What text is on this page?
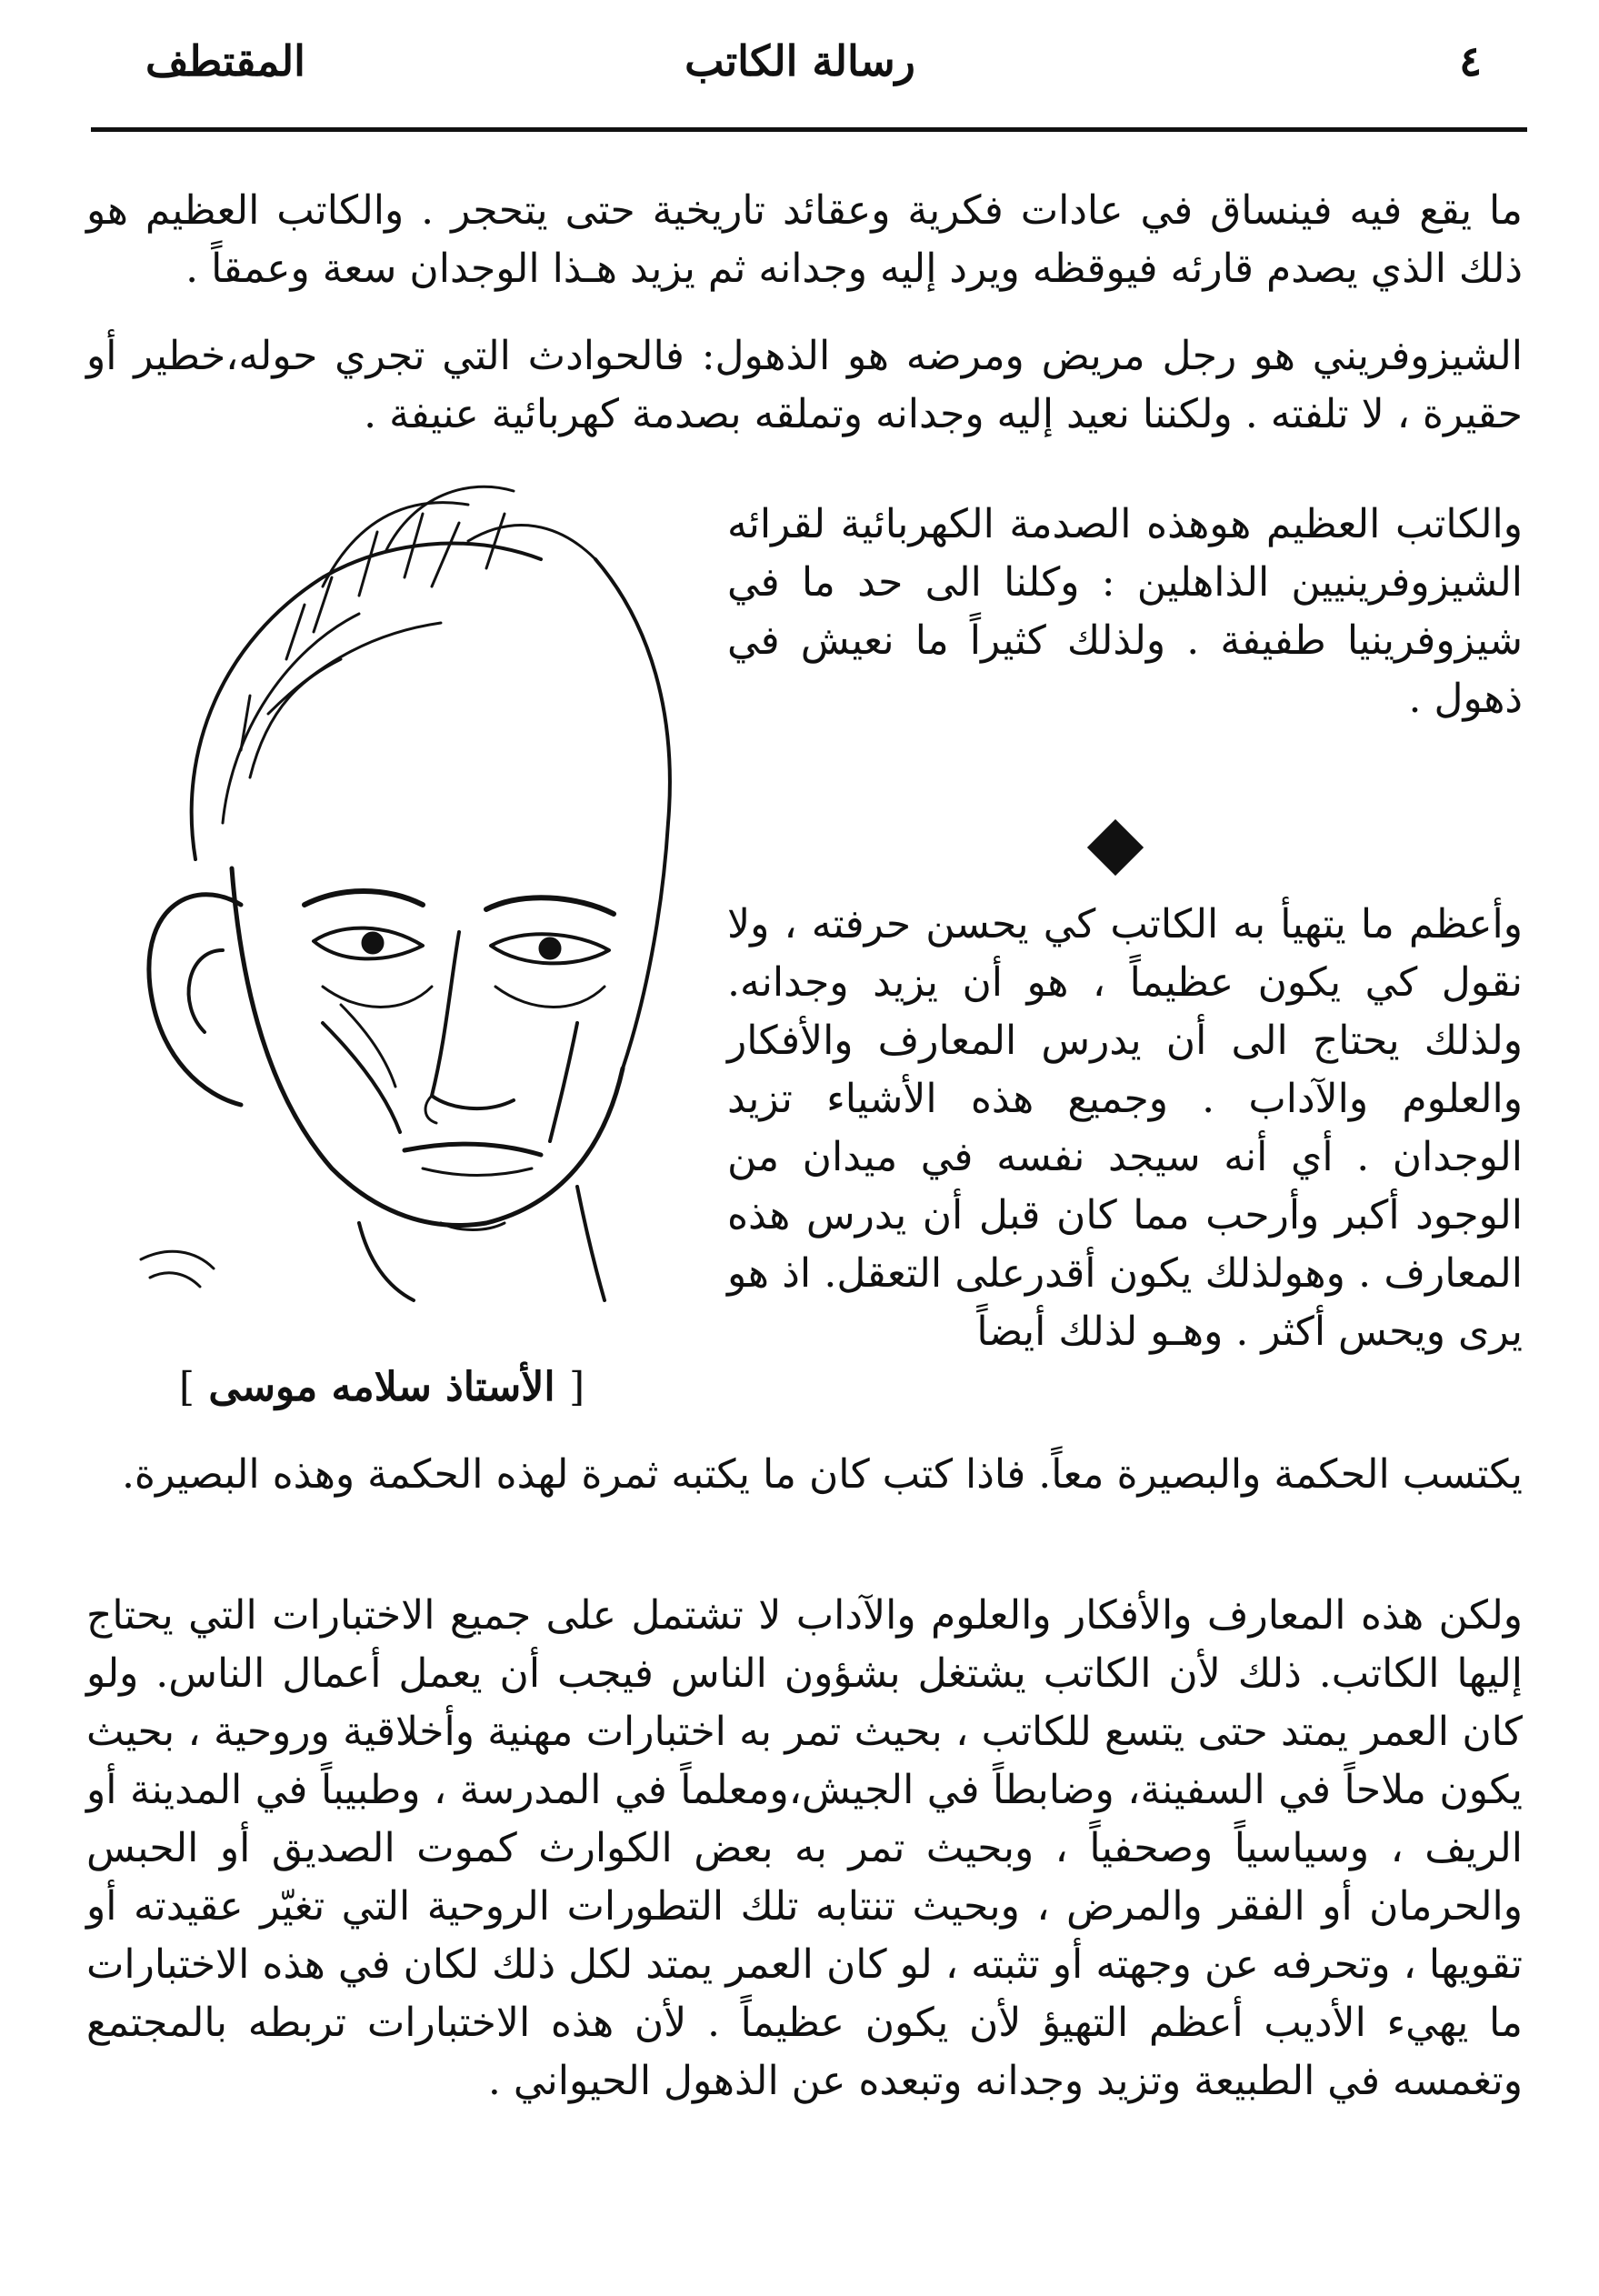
٤
رسالة الكاتب
المقتطف

ما يقع فيه فينساق في عادات فكرية وعقائد تاريخية حتى يتحجر . والكاتب العظيم هو ذلك الذي يصدم قارئه فيوقظه ويرد إليه وجدانه ثم يزيد هـذا الوجدان سعة وعمقاً .

الشيزوفريني هو رجل مريض ومرضه هو الذهول: فالحوادث التي تجري حوله،خطير أو حقيرة ، لا تلفته . ولكننا نعيد إليه وجدانه وتملقه بصدمة كهربائية عنيفة .

والكاتب العظيم هوهذه الصدمة الكهربائية لقرائه الشيزوفرينيين الذاهلين : وكلنا الى حد ما في شيزوفرينيا طفيفة . ولذلك كثيراً ما نعيش في ذهول .

وأعظم ما يتهيأ به الكاتب كي يحسن حرفته ، ولا نقول كي يكون عظيماً ، هو أن يزيد وجدانه. ولذلك يحتاج الى أن يدرس المعارف والأفكار والعلوم والآداب . وجميع هذه الأشياء تزيد الوجدان . أي أنه سيجد نفسه في ميدان من الوجود أكبر وأرحب مما كان قبل أن يدرس هذه المعارف . وهولذلك يكون أقدرعلى التعقل. اذ هو يرى ويحس أكثر . وهـو لذلك أيضاً

يكتسب الحكمة والبصيرة معاً. فاذا كتب كان ما يكتبه ثمرة لهذه الحكمة وهذه البصيرة.

ولكن هذه المعارف والأفكار والعلوم والآداب لا تشتمل على جميع الاختبارات التي يحتاج إليها الكاتب. ذلك لأن الكاتب يشتغل بشؤون الناس فيجب أن يعمل أعمال الناس. ولو كان العمر يمتد حتى يتسع للكاتب ، بحيث تمر به اختبارات مهنية وأخلاقية وروحية ، بحيث يكون ملاحاً في السفينة، وضابطاً في الجيش،ومعلماً في المدرسة ، وطبيباً في المدينة أو الريف ، وسياسياً وصحفياً ، وبحيث تمر به بعض الكوارث كموت الصديق أو الحبس والحرمان أو الفقر والمرض ، وبحيث تنتابه تلك التطورات الروحية التي تغيّر عقيدته أو تقويها ، وتحرفه عن وجهته أو تثبته ، لو كان العمر يمتد لكل ذلك لكان في هذه الاختبارات ما يهيء الأديب أعظم التهيؤ لأن يكون عظيماً . لأن هذه الاختبارات تربطه بالمجتمع وتغمسه في الطبيعة وتزيد وجدانه وتبعده عن الذهول الحيواني .

[ الأستاذ سلامه موسى ]
